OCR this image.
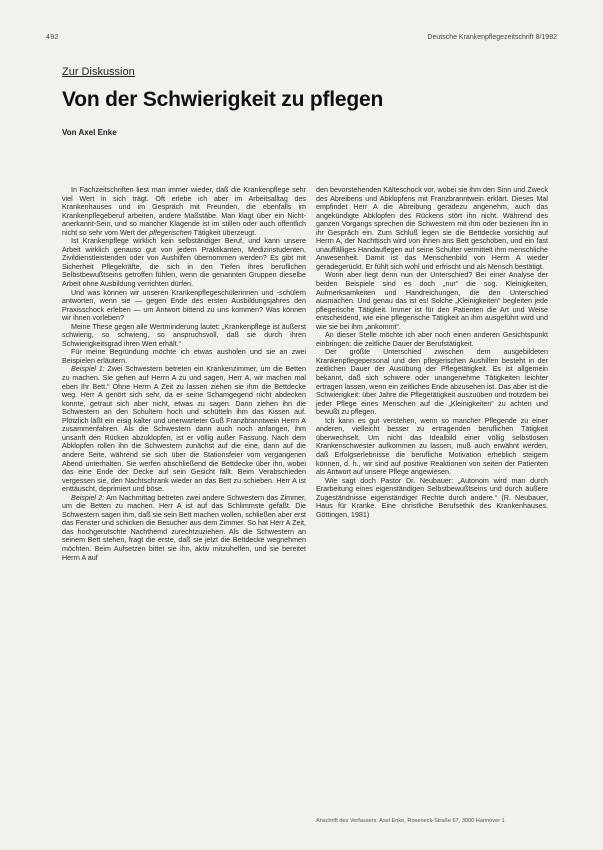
492	Deutsche Krankenpflegezeitschrift 8/1982
Zur Diskussion
Von der Schwierigkeit zu pflegen
Von Axel Enke

In Fachzeitschriften liest man immer wieder, daß die Krankenpflege sehr viel Wert in sich trägt. Oft erlebe ich aber im Arbeitsalltag des Krankenhauses und im Gespräch mit Freunden, die ebenfalls im Krankenpflegeberuf arbeiten, andere Maßstäbe. Man klagt über ein Nicht-anerkannt-Sein, und so mancher Klagende ist im stillen oder auch offentlich nicht so sehr vom Wert der pflegerischen Tätigkeit überzeugt.

Ist Krankenpflege wirklich kein selbständiger Beruf, und kann unsere Arbeit wirklich genauso gut von jedem Praktikanten, Medizinstudenten, Zivildienstleistenden oder von Aushilfen übernommen werden? Es gibt mit Sicherheit Pflegekräfte, die sich in den Tiefen ihres beruflichen Selbstbewußtseins getroffen fühlen, wenn die genannten Gruppen dieselbe Arbeit ohne Ausbildung verrichten dürfen.

Und was können wir unseren Krankenpflegeschülerinnen und -schülern antworten, wenn sie — gegen Ende des ersten Ausbildungsjahres den Praxisschock erleben — um Antwort bittend zu uns kommen? Was können wir ihnen vorleben?

Meine These gegen alle Wertminderung lautet: „Krankenpflege ist äußerst schwierig, so schwierig, so anspruchsvoll, daß sie durch ihren Schwierigkeitsgrad ihren Wert erhält.“

Für meine Begründung möchte ich etwas ausholen und sie an zwei Beispielen erläutern.

Beispiel 1: Zwei Schwestern betreten ein Krankenzimmer, um die Betten zu machen. Sie gehen auf Herrn A zu und sagen, Herr A, wir machen mal eben Ihr Bett.“ Ohne Herrn A Zeit zu lassen ziehen sie ihm die Bettdecke weg. Herr A genört sich sehr, da er seine Schamgegend nicht abdecken konnte, getraut sich aber nicht, etwas zu sagen. Dann ziehen ihn die Schwestern an den Schultern hoch und schütteln ihm das Kissen auf. Plötzlich läßt ein eisig kalter und unerwarteter Guß Franzbranntwein Herrn A zusammenfahren. Als die Schwestern dann auch noch anfangen, ihm unsanft den Rücken abzuklopfen, ist er völlig außer Fassung. Nach dem Abklopfen rollen ihn die Schwestern zunächst auf die eine, dann auf die andere Seite, während sie sich über die Stationsfeier vom vergangenen Abend unterhalten. Sie werfen abschließend die Bettdecke über ihn, wobei das eine Ende der Decke auf sein Gesicht fällt. Beim Verabschieden vergessen sie, den Nachtschrank wieder an das Bett zu schieben. Herr A ist enttäuscht, deprimiert und böse.

Beispiel 2: Am Nachmittag betreten zwei andere Schwestern das Zimmer, um die Betten zu machen. Herr A ist auf das Schlimmste gefaßt. Die Schwestern sagen ihm, daß sie sein Bett machen wollen, schließen aber erst das Fenster und schicken die Besucher aus dem Zimmer. So hat Herr A Zeit, das hochgerutschte Nachthemd zurechtzuziehen. Als die Schwestern an seinem Bett stehen, fragt die erste, daß sie jetzt die Bettdecke wegnehmen möchten. Beim Aufsetzen bittet sie ihn, aktiv mitzuhelfen, und sie bereitet Herrn A auf

den bevorstehenden Kälteschock vor, wobei sie ihm den Sinn und Zweck des Abreibens und Abklopfens mit Franzbranntwein erklärt. Dieses Mal empfindet Herr A die Abreibung geradezu angenehm, auch das angekündigte Abklopfen des Rückens stört ihn nicht. Während des ganzen Vorgangs sprechen die Schwestern mit ihm oder bezienen ihn in ihr Gespräch ein. Zum Schluß legen sie die Bettdecke vorsichtig auf Herrn A, der Nachttisch wird von ihnen ans Bett geschoben, und ein fast unauffälliges Handauflegen auf seine Schulter vermittelt ihm menschliche Anwesenheit. Damit ist das Menschenbild von Herrn A wieder geradegerückt. Er fühlt sich wohl und erfrischt und als Mensch bestätigt.

Worin aber liegt denn nun der Unterschied? Bei einer Analyse der beiden Beispiele sind es doch „nur“ die sog. Kleinigkeiten, Aufmerksamkeiten und Handreichungen, die den Unterschied ausmachen. Und genau das ist es! Solche „Kleinigkeiten“ begleiten jede pflegerische Tätigkeit. Immer ist für den Patienten die Art und Weise entscheidend, wie eine pflegerische Tätigkeit an ihm ausgeführt wird und wie sie bei ihm „ankommt“.

An dieser Stelle möchte ich aber noch einen anderen Gesichtspunkt einbringen: die zeitliche Dauer der Berufstätigkeit.

Der größte Unterschied zwischen dem ausgebildeten Krankenpflegepersonal und den pflegerischen Aushilfen besteht in der zeitlichen Dauer der Ausübung der Pflegetätigkeit. Es ist allgemein bekannt, daß sich schwere oder unangenehme Tätigkeiten leichter ertragen lassen, wenn ein zeitliches Ende abzusehen ist. Das aber ist die Schwierigkeit: über Jahre die Pflegetätigkeit auszuüben und trotzdem bei jeder Pflege eines Menschen auf die „Kleinigkeiten“ zu achten und bewußt zu pflegen.

Ich kann es gut verstehen, wenn so mancher Pflegende zu einer anderen, vielleicht besser zu ertragenden beruflichen Tätigkeit überwechselt. Um nicht das Idealbild einer völlig selbstlosen Krankenschwester aufkommen zu lassen, muß auch erwähnt werden, daß Erfolgserlebnisse die berufliche Motivation erheblich steigern können, d. h., wir sind auf positive Reaktionen von seiten der Patienten als Antwort auf unsere Pflege angewiesen.

Wie sagt doch Pastor Dr. Neubauer: „Autonom wird man durch Erarbeitung eines eigenständigen Selbstbewußtseins und durch äußere Zugeständnisse eigenständiger Rechte durch andere.“ (R. Neubauer, Haus für Kranke. Eine christliche Berufsethik des Krankenhauses. Göttingen, 1981)

Anschrift des Verfassers: Axel Enke, Roseneck-Straße 67, 3000 Hannover 1
